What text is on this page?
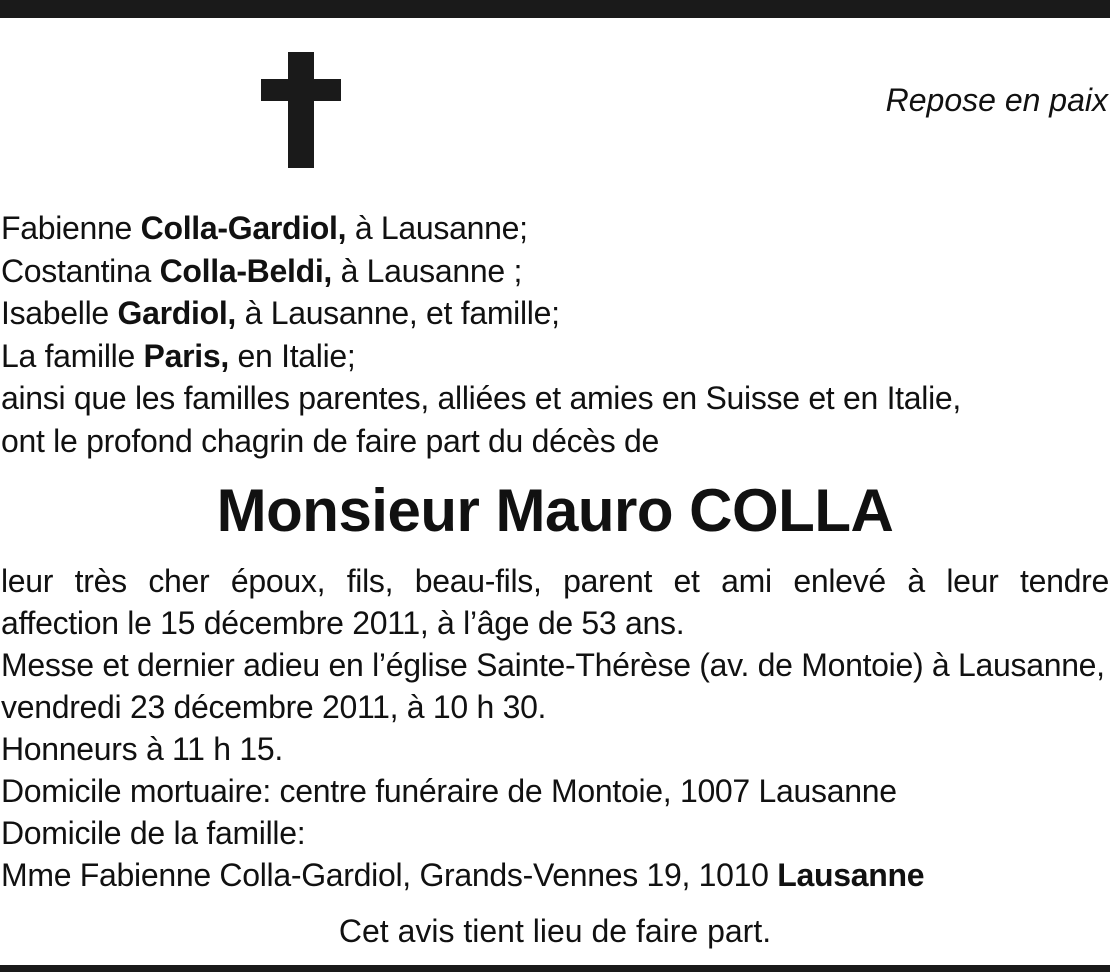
Repose en paix
Fabienne Colla-Gardiol, à Lausanne;
Costantina Colla-Beldi, à Lausanne ;
Isabelle Gardiol, à Lausanne, et famille;
La famille Paris, en Italie;
ainsi que les familles parentes, alliées et amies en Suisse et en Italie,
ont le profond chagrin de faire part du décès de
Monsieur Mauro COLLA
leur très cher époux, fils, beau-fils, parent et ami enlevé à leur tendre
affection le 15 décembre 2011, à l’âge de 53 ans.
Messe et dernier adieu en l’église Sainte-Thérèse (av. de Montoie) à Lausanne,
vendredi 23 décembre 2011, à 10 h 30.
Honneurs à 11 h 15.
Domicile mortuaire: centre funéraire de Montoie, 1007 Lausanne
Domicile de la famille:
Mme Fabienne Colla-Gardiol, Grands-Vennes 19, 1010 Lausanne
Cet avis tient lieu de faire part.
